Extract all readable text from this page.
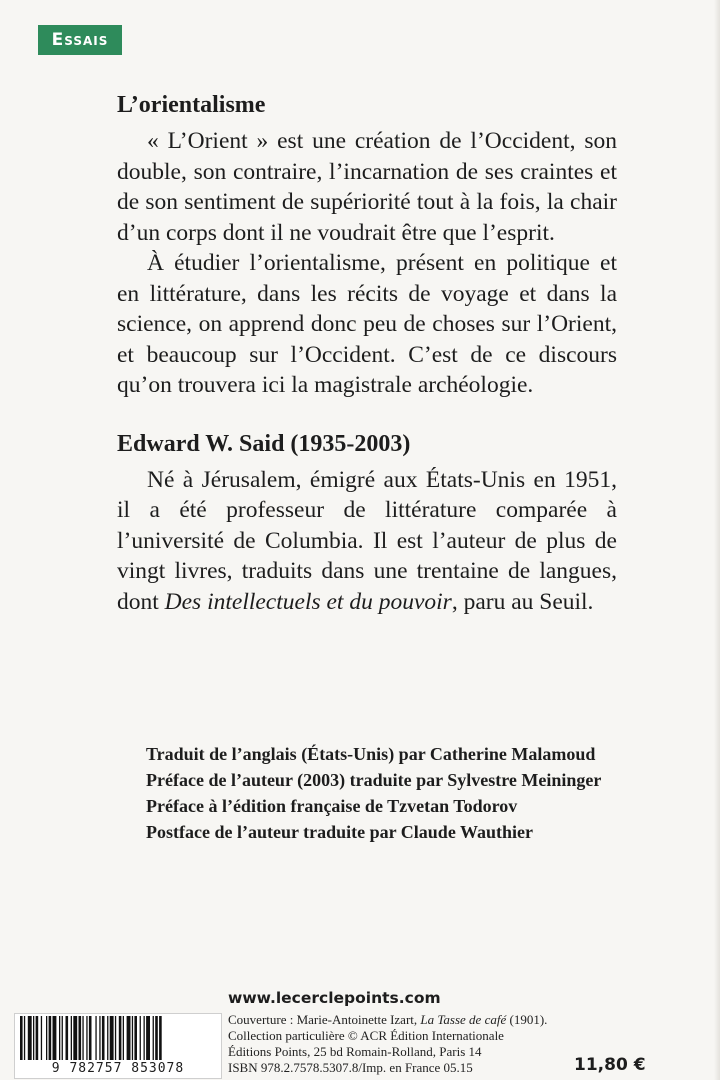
Essais
L’orientalisme

« L’Orient » est une création de l’Occident, son double, son contraire, l’incarnation de ses craintes et de son sentiment de supériorité tout à la fois, la chair d’un corps dont il ne voudrait être que l’esprit.

À étudier l’orientalisme, présent en politique et en littérature, dans les récits de voyage et dans la science, on apprend donc peu de choses sur l’Orient, et beaucoup sur l’Occident. C’est de ce discours qu’on trouvera ici la magistrale archéologie.

Edward W. Said (1935-2003)

Né à Jérusalem, émigré aux États-Unis en 1951, il a été professeur de littérature comparée à l’université de Columbia. Il est l’auteur de plus de vingt livres, traduits dans une trentaine de langues, dont Des intellectuels et du pouvoir, paru au Seuil.

Traduit de l’anglais (États-Unis) par Catherine Malamoud
Préface de l’auteur (2003) traduite par Sylvestre Meininger
Préface à l’édition française de Tzvetan Todorov
Postface de l’auteur traduite par Claude Wauthier
www.lecerclepoints.com
9 782757 853078
Couverture : Marie-Antoinette Izart, La Tasse de café (1901).
Collection particulière © ACR Édition Internationale
Éditions Points, 25 bd Romain-Rolland, Paris 14
ISBN 978.2.7578.5307.8/Imp. en France 05.15	11,80 €
